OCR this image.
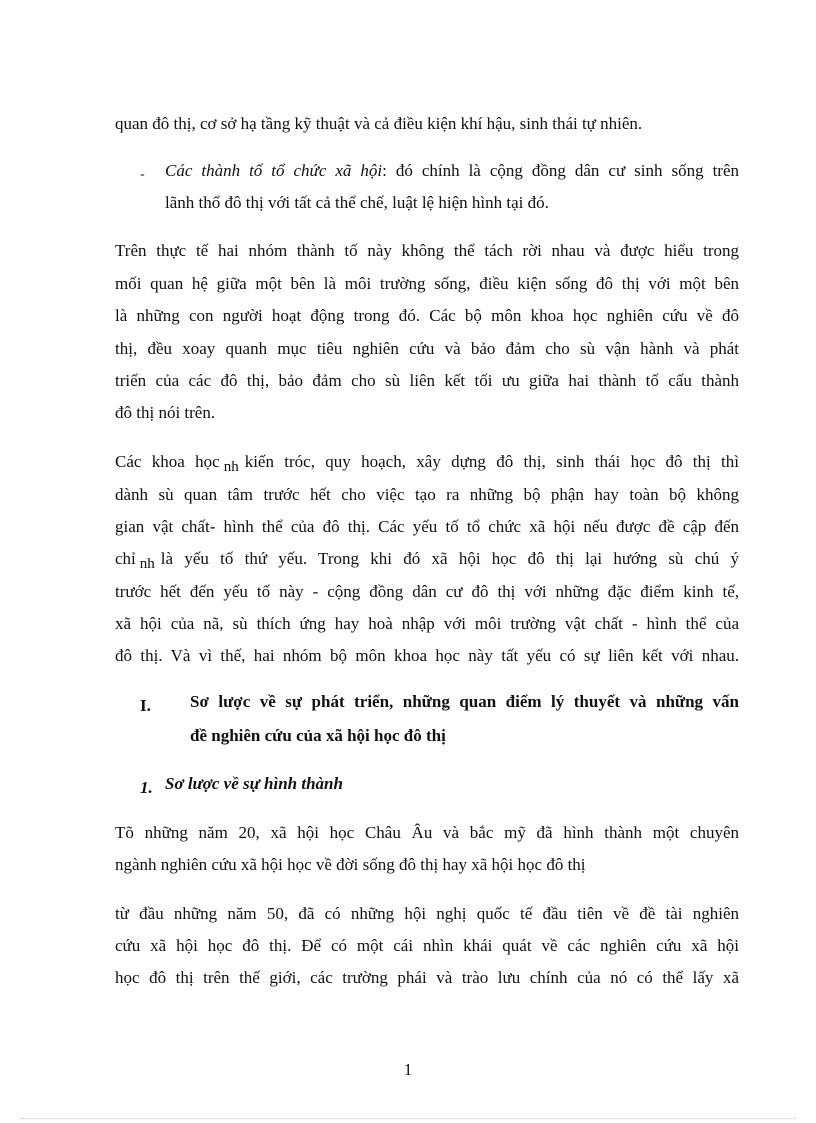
quan đô thị, cơ sở hạ tầng kỹ thuật và cả điều kiện khí hậu, sinh thái tự nhiên.
- Các thành tố tổ chức xã hội: đó chính là cộng đồng dân cư sinh sống trên
lãnh thổ đô thị với tất cả thể chế, luật lệ hiện hình tại đó.
Trên thực tế hai nhóm thành tố này không thể tách rời nhau và được hiểu trong
mối quan hệ giữa một bên là môi trường sống, điều kiện sống đô thị với một bên
là những con người hoạt động trong đó. Các bộ môn khoa học nghiên cứu về đô
thị, đều xoay quanh mục tiêu nghiên cứu và bảo đảm cho sù vận hành và phát
triển của các đô thị, bảo đảm cho sù liên kết tối ưu giữa hai thành tố cấu thành
đô thị nói trên.
Các khoa học nh kiến tróc, quy hoạch, xây dựng đô thị, sinh thái học đô thị thì
dành sù quan tâm trước hết cho việc tạo ra những bộ phận hay toàn bộ không
gian vật chất- hình thể của đô thị. Các yếu tố tổ chức xã hội nếu được đề cập đến
chỉ nh là yếu tố thứ yếu. Trong khi đó xã hội học đô thị lại hướng sù chú ý
trước hết đến yếu tố này - cộng đồng dân cư đô thị với những đặc điểm kinh tế,
xã hội của nã, sù thích ứng hay hoà nhập với môi trường vật chất - hình thể của
đô thị. Và vì thế, hai nhóm bộ môn khoa học này tất yếu có sự liên kết với nhau.
I. Sơ lược về sự phát triển, những quan điểm lý thuyết và những vấn
đề nghiên cứu của xã hội học đô thị
1. Sơ lược về sự hình thành
Tõ những năm 20, xã hội học Châu Âu và bắc mỹ đã hình thành một chuyên
ngành nghiên cứu xã hội học về đời sống đô thị hay xã hội học đô thị
từ đầu những năm 50, đã có những hội nghị quốc tế đầu tiên về đề tài nghiên
cứu xã hội học đô thị. Để có một cái nhìn khái quát về các nghiên cứu xã hội
học đô thị trên thế giới, các trường phái và trào lưu chính của nó có thể lấy xã
1
